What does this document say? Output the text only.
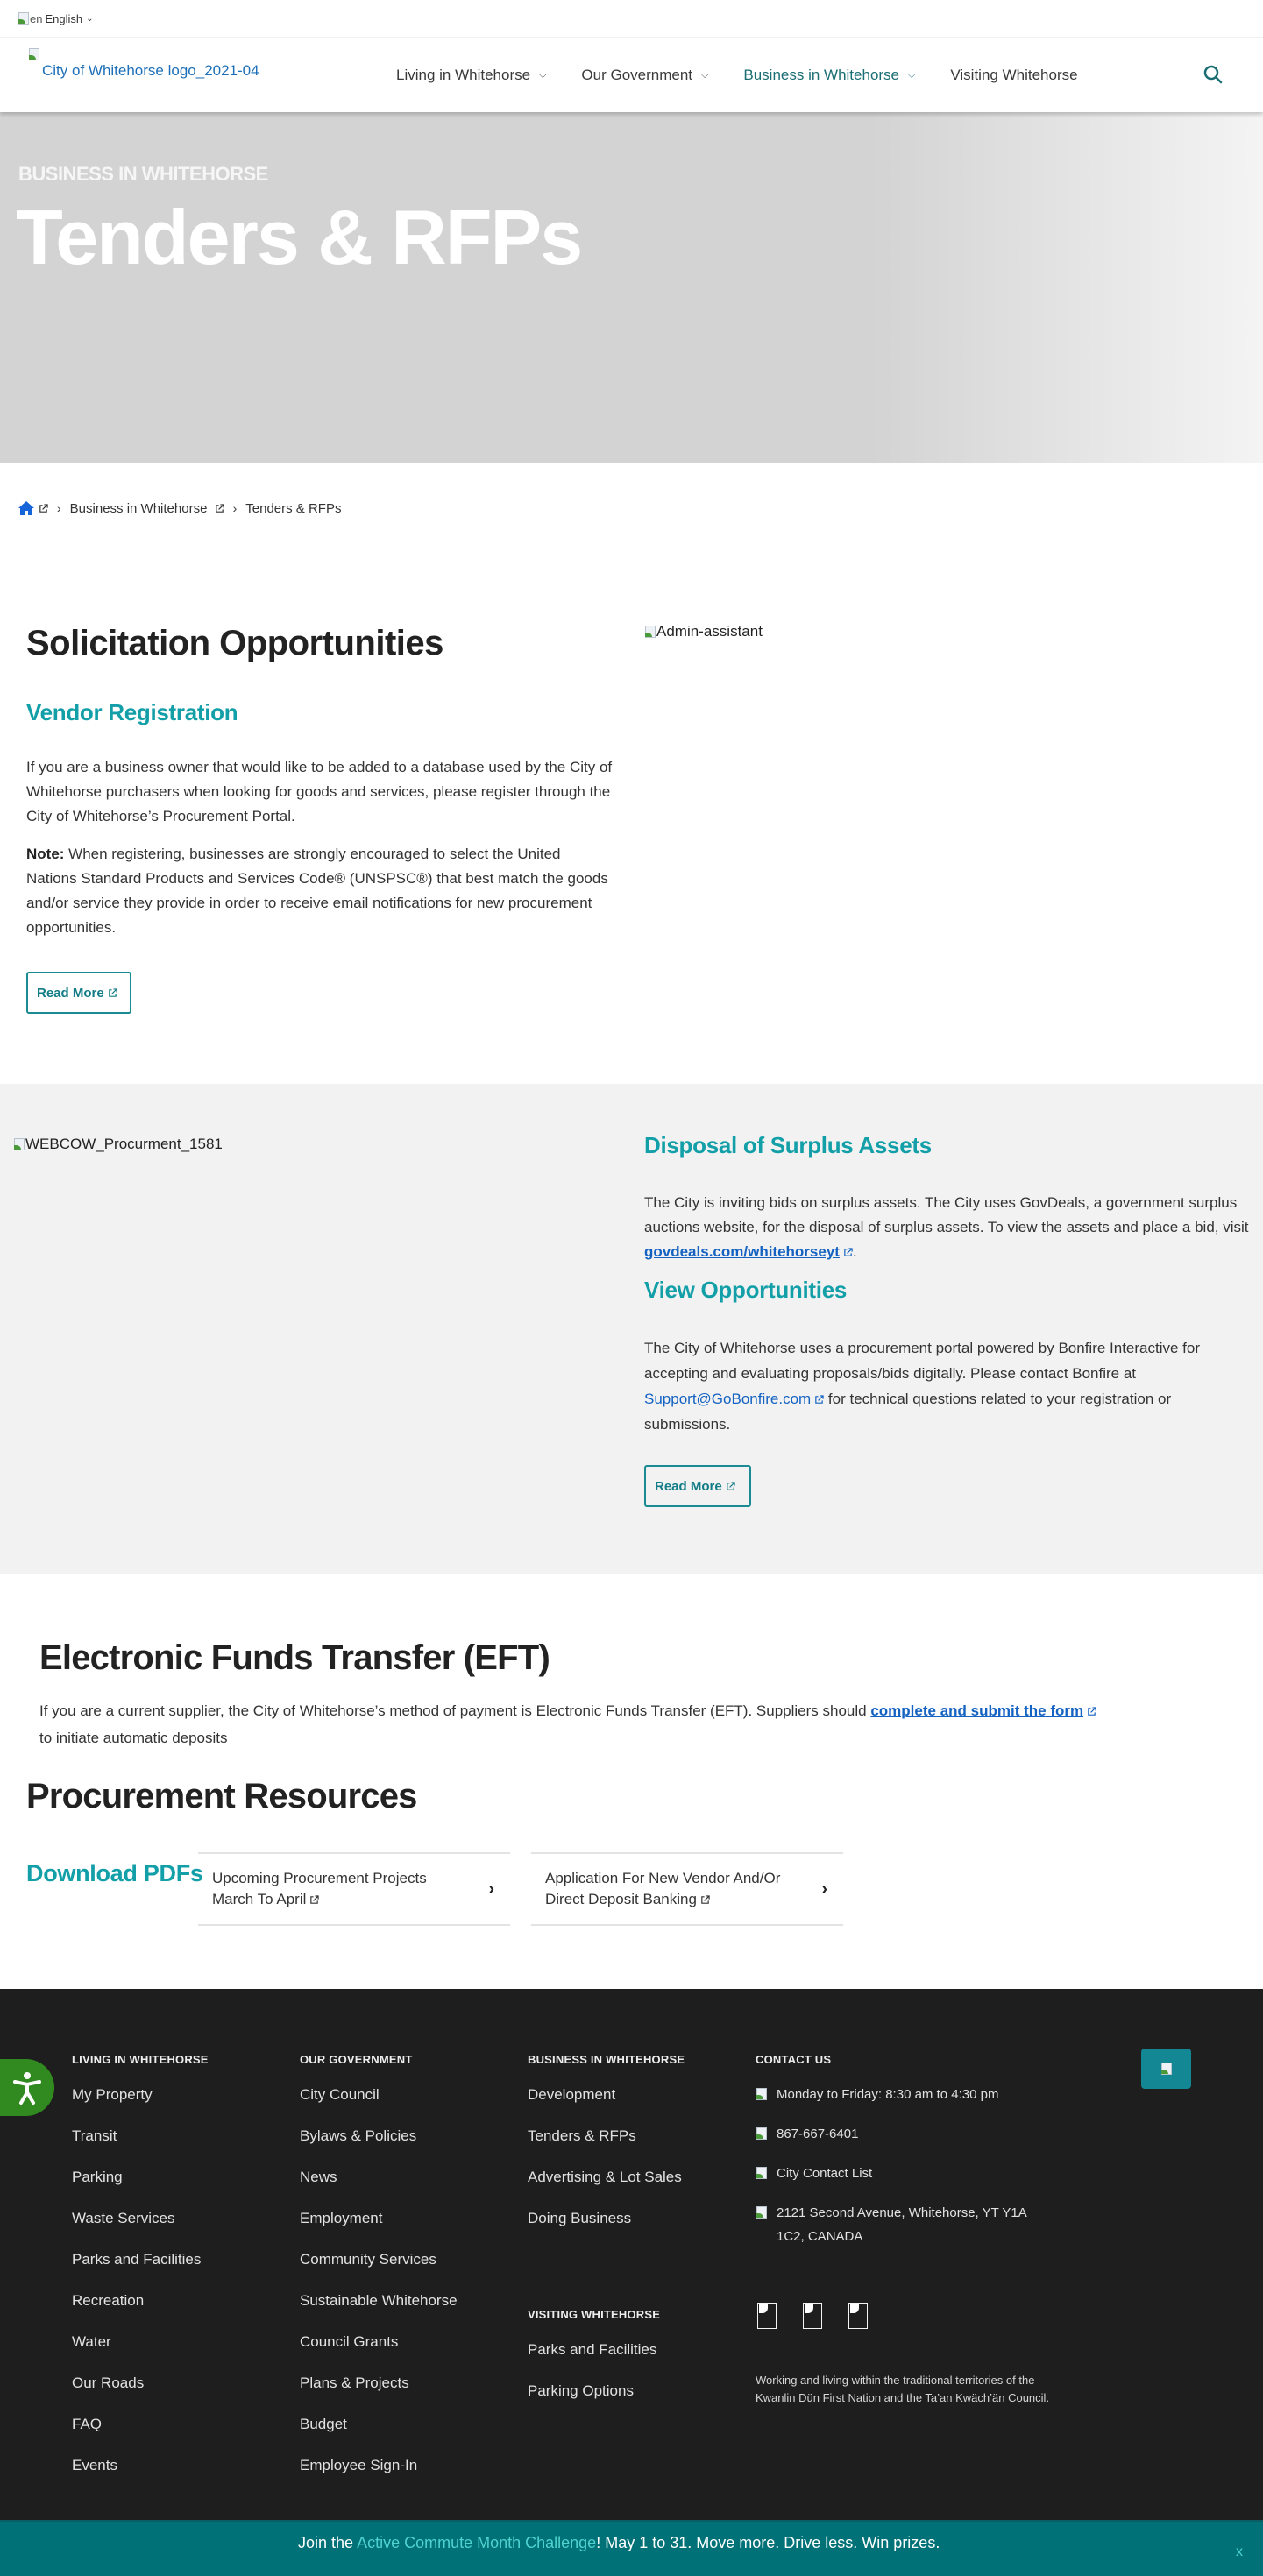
en English ⌄
City of Whitehorse logo_2021-04	Living in Whitehorse ⌵ Our Government ⌵ Business in Whitehorse ⌵ Visiting Whitehorse
BUSINESS IN WHITEHORSE
Tenders & RFPs
› Business in Whitehorse	› Tenders & RFPs
Solicitation Opportunities
Vendor Registration

If you are a business owner that would like to be added to a database used by the City of Whitehorse purchasers when looking for goods and services, please register through the City of Whitehorse’s Procurement Portal.

Note: When registering, businesses are strongly encouraged to select the United Nations Standard Products and Services Code® (UNSPSC®) that best match the goods and/or service they provide in order to receive email notifications for new procurement opportunities.

Read More
Admin-assistant
WEBCOW_Procurment_1581	Disposal of Surplus Assets

The City is inviting bids on surplus assets. The City uses GovDeals, a government surplus auctions website, for the disposal of surplus assets. To view the assets and place a bid, visit govdeals.com/whitehorseyt .

View Opportunities

The City of Whitehorse uses a procurement portal powered by Bonfire Interactive for accepting and evaluating proposals/bids digitally. Please contact Bonfire at Support@GoBonfire.com for technical questions related to your registration or submissions.

Read More
Electronic Funds Transfer (EFT)

If you are a current supplier, the City of Whitehorse’s method of payment is Electronic Funds Transfer (EFT). Suppliers should complete and submit the form
to initiate automatic deposits

Procurement Resources
Download PDFs Upcoming Procurement Projects
March To April
›
Application For New Vendor And/Or
Direct Deposit Banking
›
LIVING IN WHITEHORSE
My Property
Transit
Parking
Waste Services
Parks and Facilities
Recreation
Water
Our Roads
FAQ
Events
OUR GOVERNMENT
City Council
Bylaws & Policies
News
Employment
Community Services
Sustainable Whitehorse
Council Grants
Plans & Projects
Budget
Employee Sign-In
BUSINESS IN WHITEHORSE
Development
Tenders & RFPs
Advertising & Lot Sales
Doing Business
VISITING WHITEHORSE
Parks and Facilities
Parking Options
CONTACT US
Monday to Friday: 8:30 am to 4:30 pm
867-667-6401
City Contact List
2121 Second Avenue, Whitehorse, YT Y1A 1C2, CANADA

Working and living within the traditional territories of the Kwanlin Dün First Nation and the Ta’an Kwäch’än Council.

Join the Active Commute Month Challenge! May 1 to 31. Move more. Drive less. Win prizes.
x
